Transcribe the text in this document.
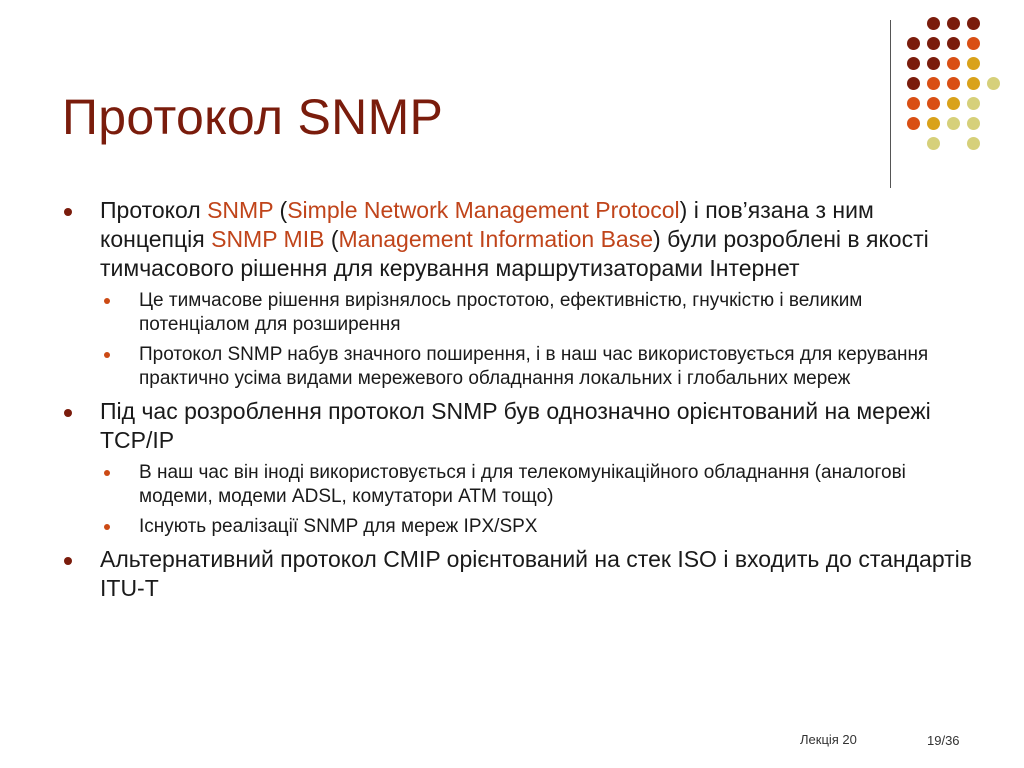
Протокол SNMP
Протокол SNMP (Simple Network Management Protocol) і пов’язана з ним концепція SNMP MIB (Management Information Base) були розроблені в якості тимчасового рішення для керування маршрутизаторами Інтернет
Це тимчасове рішення вирізнялось простотою, ефективністю, гнучкістю і великим потенціалом для розширення
Протокол SNMP набув значного поширення, і в наш час використовується для керування практично усіма видами мережевого обладнання локальних і глобальних мереж
Під час розроблення протокол SNMP був однозначно орієнтований на мережі TCP/IP
В наш час він іноді використовується і для телекомунікаційного обладнання (аналогові модеми, модеми ADSL, комутатори ATM тощо)
Існують реалізації SNMP для мереж IPX/SPX
Альтернативний протокол CMIP орієнтований на стек ISO і входить до стандартів ITU-T
Лекція 20	19/36
